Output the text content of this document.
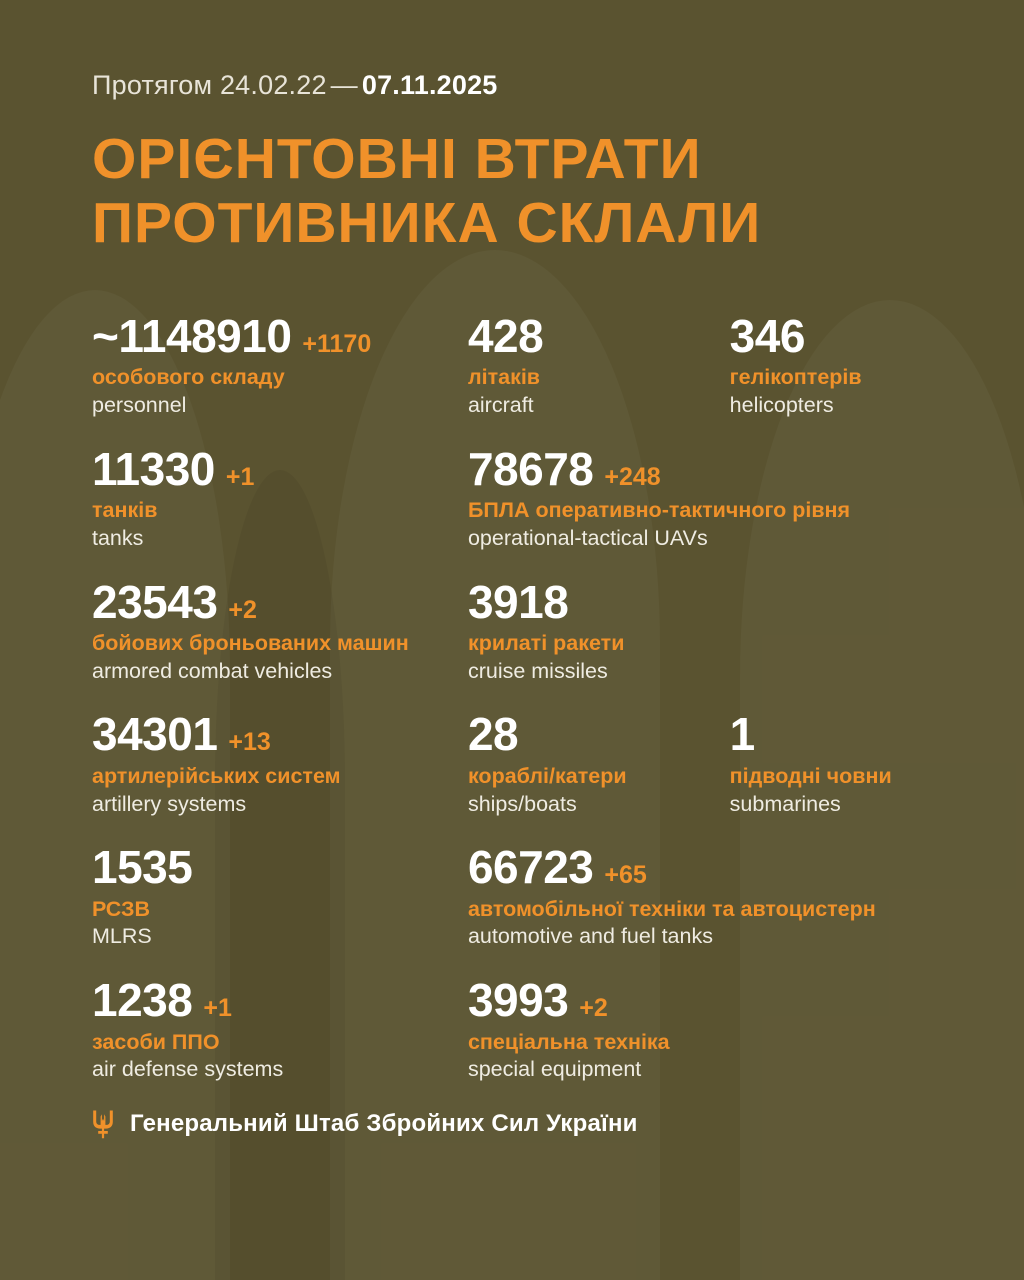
Протягом 24.02.22 — 07.11.2025
ОРІЄНТОВНІ ВТРАТИ
ПРОТИВНИКА СКЛАЛИ
~1148910 +1170
особового складу
personnel
428
літаків
aircraft
346
гелікоптерів
helicopters
11330 +1
танків
tanks
78678 +248
БПЛА оперативно-тактичного рівня
operational-tactical UAVs
23543 +2
бойових броньованих машин
armored combat vehicles
3918
крилаті ракети
cruise missiles
34301 +13
артилерійських систем
artillery systems
28
кораблі/катери
ships/boats
1
підводні човни
submarines
1535
РСЗВ
MLRS
66723 +65
автомобільної техніки та автоцистерн
automotive and fuel tanks
1238 +1
засоби ППО
air defense systems
3993 +2
спеціальна техніка
special equipment
Генеральний Штаб Збройних Сил України
